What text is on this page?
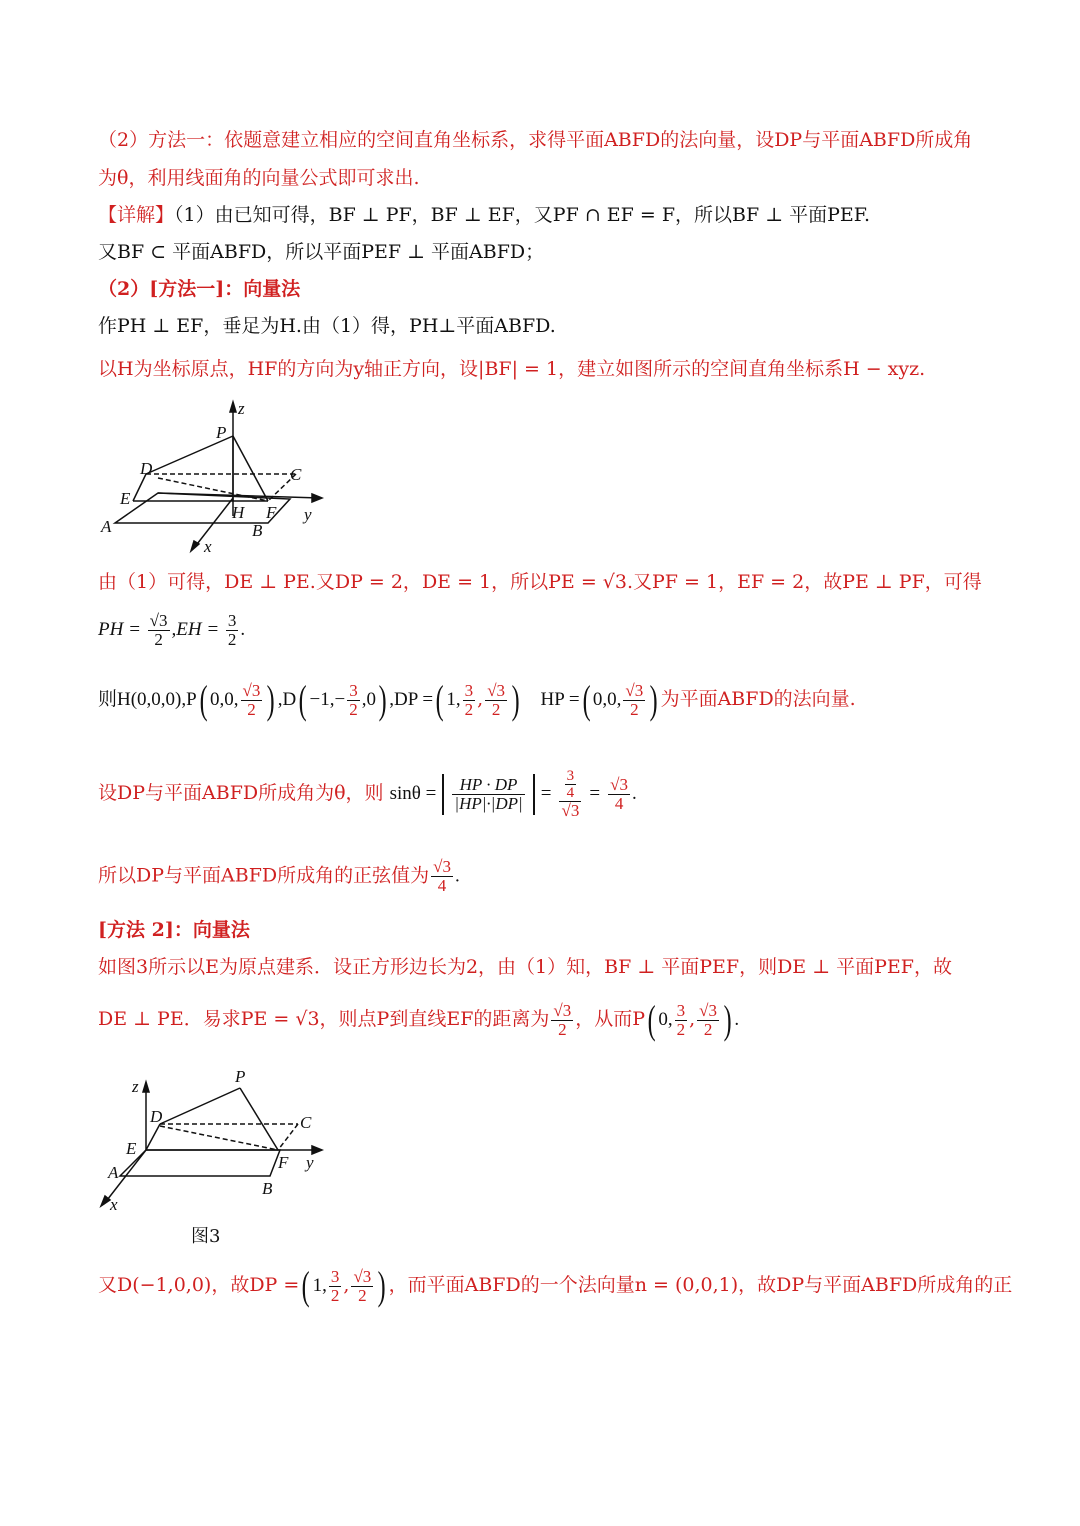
（2）方法一：依题意建立相应的空间直角坐标系，求得平面ABFD的法向量，设DP与平面ABFD所成角
为θ，利用线面角的向量公式即可求出.
【详解】（1）由已知可得，BF ⊥ PF，BF ⊥ EF，又PF ∩ EF = F，所以BF ⊥ 平面PEF.
又BF ⊂ 平面ABFD，所以平面PEF ⊥ 平面ABFD；
（2）[方法一]：向量法
作PH ⊥ EF，垂足为H.由（1）得，PH⊥平面ABFD.
以H为坐标原点，HF的方向为y轴正方向，设|BF| = 1，建立如图所示的空间直角坐标系H − xyz.
z
P
D	C
E
H F y
A	B
x
由（1）可得，DE ⊥ PE.又DP = 2，DE = 1，所以PE = √3.又PF = 1，EF = 2，故PE ⊥ PF，可得
PH = $\frac{√3}{2} ,EH = \frac{3}{2}$ .
则H(0,0,0),P( 0,0, $\frac{√3}{2}$ ) $,D( -1,- \frac{3}{2} ,0)$ ,DP =( 1, $\frac{3}{2}$ , $\frac{√3}{2}$ ) HP =( 0,0, $\frac{√3}{2}$ ) 为平面ABFD的法向量.
设DP与平面ABFD所成角为θ，则 $\sin\theta = \frac{HP \cdot DP}{|HP|\cdot|DP|} = \frac{\frac{3}{4}}{√3} = \frac{√3}{4}$ .
所以DP与平面ABFD所成角的正弦值为 $\frac{√3}{4}$ .
[方法 2]：向量法
如图3所示以E为原点建系．设正方形边长为2，由（1）知，BF ⊥ 平面PEF，则DE ⊥ 平面PEF，故
DE ⊥ PE．易求PE = √3，则点P到直线EF的距离为 $\frac{√3}{2}$ ，从而P( 0, $\frac{3}{2}$ , $\frac{√3}{2}$ ) .
z
P
D	C
E
A
F y
B
x
图3
又D(−1,0,0)，故DP =( 1, $\frac{3}{2}$ , $\frac{√3}{2}$ ) ，而平面ABFD的一个法向量n = (0,0,1)，故DP与平面ABFD所成角的正
